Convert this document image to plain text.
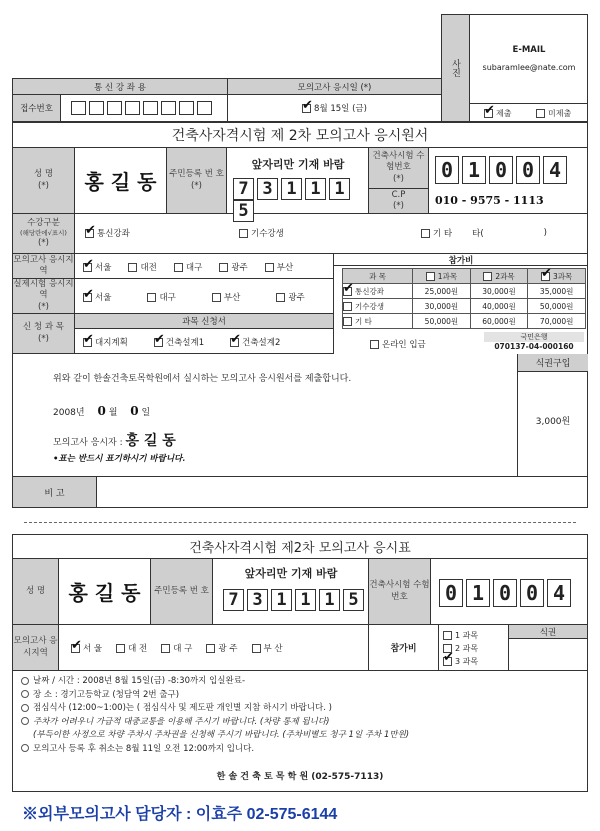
사진
E-MAIL
subaramlee@nate.com
✔제출	미제출
통 신 강 좌 용	모의고사 응시일 (*)
접수번호 ✔	8월 15일 (금)
건축사자격시험 제 2차 모의고사 응시원서
성 명
(*)	홍 길 동	주민등록 번 호
(*)
앞자리만 기재 바람
7 3 1 1 15
건축사시험 수험번호
(*) 0 1 0 0 4
C.P
(*)	010 - 9575 - 1113
수강구분
(해당란에√표시)
(*)
✔
통신강좌	기수강생	기 타 타(	)
모의고사 응시지역 ✔	서울	대전	대구	광주	부산
실제시험 응시지역
(*)
✔
서울	대구	부산	광주
신 청 과 목
(*)
과목 신청서
✔
대지계획 ✔	건축설계1 ✔	건축설계2
참가비
과 목	1과목	2과목	✔3과목
✔통신강좌	25,000원	30,000원	35,000원
기수강생	30,000원	40,000원	50,000원
기 타	50,000원	60,000원	70,000원
온라인 입금
국민은행
070137-04-000160
위와 같이 한솔건축토목학원에서 실시하는 모의고사 응시원서를 제출합니다.
2008년 0 월 0 일
모의고사 응시자 : 홍 길 동
•표는 반드시 표기하시기 바랍니다.
식권구입
3,000원
비 고
건축사자격시험 제2차 모의고사 응시표
성 명	홍 길 동	주민등록 번 호
앞자리만 기재 바람
7 3 1 1 1 5
건축사시험 수험번호	0 1 0 0 4
모의고사 응시지역 ✔	서 울	대 전	대 구	광 주	부 산	참가비
1 과목
2 과목
✔3 과목
식권
날짜 / 시간 : 2008년 8월 15일(금) -8:30까지 입실완료-
장 소 : 경기고등학교 (청담역 2번 출구)
점심식사 (12:00~1:00)는 ( 점심식사 및 제도판 개인별 지참 하시기 바랍니다. )
주차가 어려우니 가급적 대중교통을 이용해 주시기 바랍니다. (차량 통제 됩니다)
(부득이한 사정으로 차량 주차시 주차권을 신청해 주시기 바랍니다. (주차비별도 청구 1일 주차 1만원)
모의고사 등록 후 취소는 8월 11일 오전 12:00까지 입니다.
한 솔 건 축 토 목 학 원 (02-575-7113)
※외부모의고사 담당자 : 이효주 02-575-6144
